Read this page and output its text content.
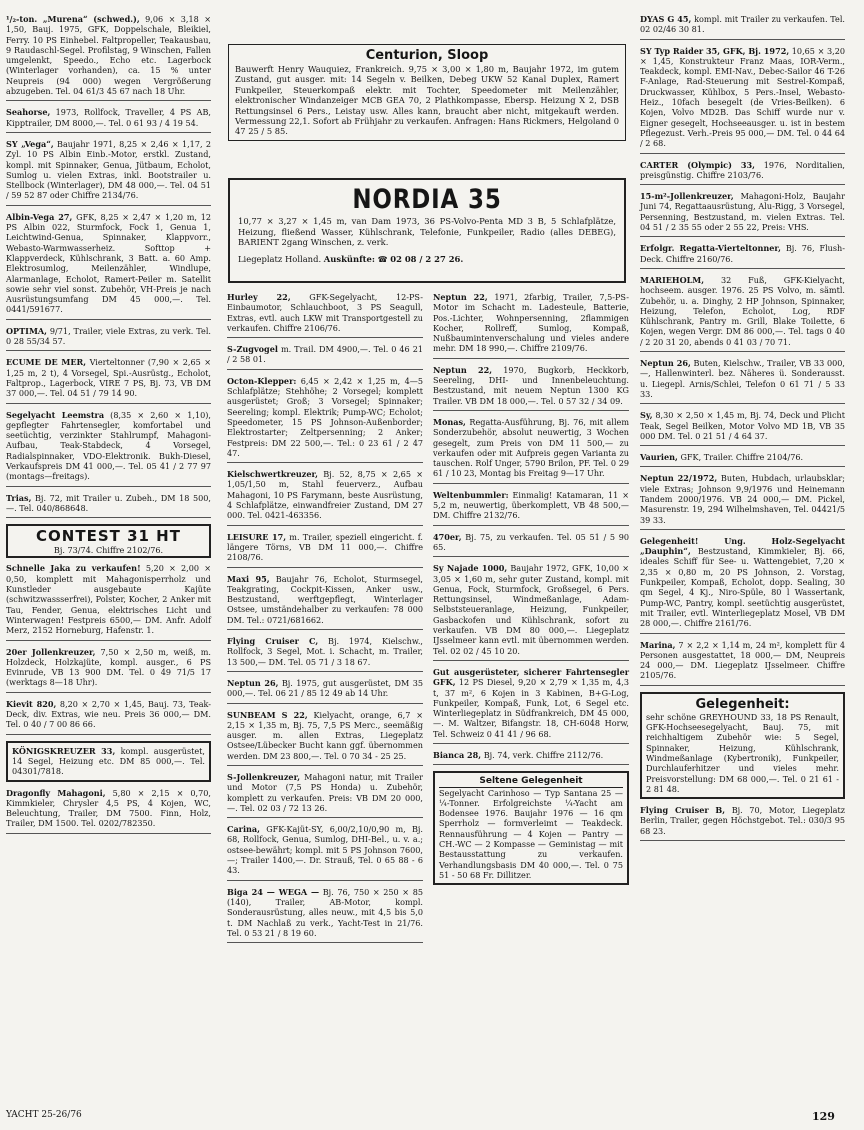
¹/₂-ton. „Murena“ (schwed.), 9,06 × 3,18 × 1,50, Bauj. 1975, GFK, Doppelschale, Bleikiel, Ferry. 10 PS Einhebel. Faltpropeller, Teakausbau, 9 Raudaschl-Segel. Profilstag, 9 Winschen, Fallen umgelenkt, Speedo., Echo etc. Lagerbock (Winterlager vorhanden), ca. 15 % unter Neupreis (94 000) wegen Vergrößerung abzugeben. Tel. 04 61/3 45 67 nach 18 Uhr.
Seahorse, 1973, Rollfock, Traveller, 4 PS AB, Kipptrailer, DM 8000,—. Tel. 0 61 93 / 4 19 54.
SY „Vega“, Baujahr 1971, 8,25 × 2,46 × 1,17, 2 Zyl. 10 PS Albin Einb.-Motor, erstkl. Zustand, kompl. mit Spinnaker, Genua, Jütbaum, Echolot, Sumlog u. vielen Extras, inkl. Bootstrailer u. Stellbock (Winterlager), DM 48 000,—. Tel. 04 51 / 59 52 87 oder Chiffre 2134/76.
Albin-Vega 27, GFK, 8,25 × 2,47 × 1,20 m, 12 PS Albin 022, Sturmfock, Fock 1, Genua 1, Leichtwind-Genua, Spinnaker, Klappvorr., Webasto-Warmwasserheiz. Softtop + Klappverdeck, Kühlschrank, 3 Batt. a. 60 Amp. Elektrosumlog, Meilenzähler, Windlupe, Alarmanlage, Echolot, Ramert-Peiler m. Satellit sowie sehr viel sonst. Zubehör, VH-Preis je nach Ausrüstungsumfang DM 45 000,—. Tel. 0441/591677.
OPTIMA, 9/71, Trailer, viele Extras, zu verk. Tel. 0 28 55/34 57.
ECUME DE MER, Vierteltonner (7,90 × 2,65 × 1,25 m, 2 t), 4 Vorsegel, Spi.-Ausrüstg., Echolot, Faltprop., Lagerbock, VIRE 7 PS, Bj. 73, VB DM 37 000,—. Tel. 04 51 / 79 14 90.
Segelyacht Leemstra (8,35 × 2,60 × 1,10), gepflegter Fahrtensegler, komfortabel und seetüchtig, verzinkter Stahlrumpf, Mahagoni-Aufbau, Teak-Stabdeck, 4 Vorsegel, Radialspinnaker, VDO-Elektronik. Bukh-Diesel, Verkaufspreis DM 41 000,—. Tel. 05 41 / 2 77 97 (montags—freitags).
Trias, Bj. 72, mit Trailer u. Zubeh., DM 18 500,—. Tel. 040/868648.
CONTEST 31 HT
Bj. 73/74. Chiffre 2102/76.
Schnelle Jaka zu verkaufen! 5,20 × 2,00 × 0,50, komplett mit Mahagonisperrholz und Kunstleder ausgebaute Kajüte (schwitzwassserfrei), Polster, Kocher, 2 Anker mit Tau, Fender, Genua, elektrisches Licht und Winterwagen! Festpreis 6500,— DM. Anfr. Adolf Merz, 2152 Horneburg, Hafenstr. 1.
20er Jollenkreuzer, 7,50 × 2,50 m, weiß, m. Holzdeck, Holzkajüte, kompl. ausger., 6 PS Evinrude, VB 13 900 DM. Tel. 0 49 71/5 17 (werktags 8—18 Uhr).
Kievit 820, 8,20 × 2,70 × 1,45, Bauj. 73, Teak-Deck, div. Extras, wie neu. Preis 36 000,— DM. Tel. 0 40 / 7 00 86 66.
KÖNIGSKREUZER 33, kompl. ausgerüstet, 14 Segel, Heizung etc. DM 85 000,—. Tel. 04301/7818.
Dragonfly Mahagoni, 5,80 × 2,15 × 0,70, Kimmkieler, Chrysler 4,5 PS, 4 Kojen, WC, Beleuchtung, Trailer, DM 7500. Finn, Holz, Trailer, DM 1500. Tel. 0202/782350.
Centurion, Sloop
Bauwerft Henry Wauquiez, Frankreich. 9,75 × 3,00 × 1,80 m, Baujahr 1972, im gutem Zustand, gut ausger. mit: 14 Segeln v. Beilken, Debeg UKW 52 Kanal Duplex, Ramert Funkpeiler, Steuerkompaß elektr. mit Tochter, Speedometer mit Meilenzähler, elektronischer Windanzeiger MCB GEA 70, 2 Plathkompasse, Ebersp. Heizung X 2, DSB Rettungsinsel 6 Pers., Leistay usw. Alles kann, braucht aber nicht, mitgekauft werden. Vermessung 22,1. Sofort ab Frühjahr zu verkaufen. Anfragen: Hans Rickmers, Helgoland 0 47 25 / 5 85.
NORDIA 35
10,77 × 3,27 × 1,45 m, van Dam 1973, 36 PS-Volvo-Penta MD 3 B, 5 Schlafplätze, Heizung, fließend Wasser, Kühlschrank, Telefonie, Funkpeiler, Radio (alles DEBEG), BARIENT 2gang Winschen, z. verk.
Liegeplatz Holland. Auskünfte: ☎ 02 08 / 2 27 26.
Hurley 22, GFK-Segelyacht, 12-PS-Einbaumotor, Schlauchboot, 3 PS Seagull, Extras, evtl. auch LKW mit Transportgestell zu verkaufen. Chiffre 2106/76.
S-Zugvogel m. Trail. DM 4900,—. Tel. 0 46 21 / 2 58 01.
Octon-Klepper: 6,45 × 2,42 × 1,25 m, 4—5 Schlafplätze; Stehhöhe; 2 Vorsegel; komplett ausgerüstet; Groß; 3 Vorsegel; Spinnaker; Seereling; kompl. Elektrik; Pump-WC; Echolot; Speedometer, 15 PS Johnson-Außenborder; Elektrostarter; Zeltpersenning; 2 Anker; Festpreis: DM 22 500,—. Tel.: 0 23 61 / 2 47 47.
Kielschwertkreuzer, Bj. 52, 8,75 × 2,65 × 1,05/1,50 m, Stahl feuerverz., Aufbau Mahagoni, 10 PS Farymann, beste Ausrüstung, 4 Schlafplätze, einwandfreier Zustand, DM 27 000. Tel. 0421-463356.
LEISURE 17, m. Trailer, speziell eingericht. f. längere Törns, VB DM 11 000,—. Chiffre 2108/76.
Maxi 95, Baujahr 76, Echolot, Sturmsegel, Teakgrating, Cockpit-Kissen, Anker usw., Bestzustand, werftgepflegt, Winterlager Ostsee, umständehalber zu verkaufen: 78 000 DM. Tel.: 0721/681662.
Flying Cruiser C, Bj. 1974, Kielschw., Rollfock, 3 Segel, Mot. i. Schacht, m. Trailer, 13 500,— DM. Tel. 05 71 / 3 18 67.
Neptun 26, Bj. 1975, gut ausgerüstet, DM 35 000,—. Tel. 06 21 / 85 12 49 ab 14 Uhr.
SUNBEAM S 22, Kielyacht, orange, 6,7 × 2,15 × 1,35 m, Bj. 75, 7,5 PS Merc., seemäßig ausger. m. allen Extras, Liegeplatz Ostsee/Lübecker Bucht kann ggf. übernommen werden. DM 23 800,—. Tel. 0 70 34 - 25 25.
S-Jollenkreuzer, Mahagoni natur, mit Trailer und Motor (7,5 PS Honda) u. Zubehör, komplett zu verkaufen. Preis: VB DM 20 000,—. Tel. 02 03 / 72 13 26.
Carina, GFK-Kajüt-SY, 6,00/2,10/0,90 m, Bj. 68, Rollfock, Genua, Sumlog, DHI-Bel., u. v. a.; ostsee-bewährt; kompl. mit 5 PS Johnson 7600,—; Trailer 1400,—. Dr. Strauß, Tel. 0 65 88 - 6 43.
Biga 24 — WEGA — Bj. 76, 750 × 250 × 85 (140), Trailer, AB-Motor, kompl. Sonderausrüstung, alles neuw., mit 4,5 bis 5,0 t. DM Nachlaß zu verk., Yacht-Test in 21/76. Tel. 0 53 21 / 8 19 60.
Neptun 22, 1971, 2farbig, Trailer, 7,5-PS-Motor im Schacht m. Ladesteule, Batterie, Pos.-Lichter, Wohnpersenning, 2flammigen Kocher, Rollreff, Sumlog, Kompaß, Nußbaumintenverschalung und vieles andere mehr. DM 18 990,—. Chiffre 2109/76.
Neptun 22, 1970, Bugkorb, Heckkorb, Seereling, DHI- und Innenbeleuchtung. Bestzustand, mit neuem Neptun 1300 KG Trailer. VB DM 18 000,—. Tel. 0 57 32 / 34 09.
Monas, Regatta-Ausführung, Bj. 76, mit allem Sonderzubehör, absolut neuwertig, 3 Wochen gesegelt, zum Preis von DM 11 500,— zu verkaufen oder mit Aufpreis gegen Varianta zu tauschen. Rolf Unger, 5790 Brilon, PF. Tel. 0 29 61 / 10 23, Montag bis Freitag 9—17 Uhr.
Weltenbummler: Einmalig! Katamaran, 11 × 5,2 m, neuwertig, überkomplett, VB 48 500,— DM. Chiffre 2132/76.
470er, Bj. 75, zu verkaufen. Tel. 05 51 / 5 90 65.
Sy Najade 1000, Baujahr 1972, GFK, 10,00 × 3,05 × 1,60 m, sehr guter Zustand, kompl. mit Genua, Fock, Sturmfock, Großsegel, 6 Pers. Rettungsinsel, Windmeßanlage, Adam-Selbststeueranlage, Heizung, Funkpeiler, Gasbackofen und Kühlschrank, sofort zu verkaufen. VB DM 80 000,—. Liegeplatz IJsselmeer kann evtl. mit übernommen werden. Tel. 02 02 / 45 10 20.
Gut ausgerüsteter, sicherer Fahrtensegler GFK, 12 PS Diesel, 9,20 × 2,79 × 1,35 m, 4,3 t, 37 m², 6 Kojen in 3 Kabinen, B+G-Log, Funkpeiler, Kompaß, Funk, Lot, 6 Segel etc. Winterliegeplatz in Südfrankreich, DM 45 000,—. M. Waltzer, Bifangstr. 18, CH-6048 Horw, Tel. Schweiz 0 41 41 / 96 68.
Bianca 28, Bj. 74, verk. Chiffre 2112/76.
Seltene Gelegenheit
Segelyacht Carinhoso — Typ Santana 25 — ¼-Tonner. Erfolgreichste ¼-Yacht am Bodensee 1976. Baujahr 1976 — 16 qm Sperrholz — formverleimt — Teakdeck. Rennausführung — 4 Kojen — Pantry — CH.-WC — 2 Kompasse — Geministag — mit Bestausstattung zu verkaufen. Verhandlungsbasis DM 40 000,—. Tel. 0 75 51 - 50 68 Fr. Dillitzer.
DYAS G 45, kompl. mit Trailer zu verkaufen. Tel. 02 02/46 30 81.
SY Typ Raider 35, GFK, Bj. 1972, 10,65 × 3,20 × 1,45, Konstrukteur Franz Maas, IOR-Verm., Teakdeck, kompl. EMI-Nav., Debec-Sailor 46 T-26 F-Anlage, Rad-Steuerung mit Sestrel-Kompaß, Druckwasser, Kühlbox, 5 Pers.-Insel, Webasto-Heiz., 10fach besegelt (de Vries-Beilken). 6 Kojen, Volvo MD2B. Das Schiff wurde nur v. Eigner gesegelt, Hochseeausger. u. ist in bestem Pflegezust. Verh.-Preis 95 000,— DM. Tel. 0 44 64 / 2 68.
CARTER (Olympic) 33, 1976, Norditalien, preisgünstig. Chiffre 2103/76.
15-m²-Jollenkreuzer, Mahagoni-Holz, Baujahr Juni 74, Regattaausrüstung, Alu-Rigg, 3 Vorsegel, Persenning, Bestzustand, m. vielen Extras. Tel. 04 51 / 2 35 55 oder 2 55 22, Preis: VHS.
Erfolgr. Regatta-Vierteltonner, Bj. 76, Flush-Deck. Chiffre 2160/76.
MARIEHOLM, 32 Fuß, GFK-Kielyacht, hochseem. ausger. 1976. 25 PS Volvo, m. sämtl. Zubehör, u. a. Dinghy, 2 HP Johnson, Spinnaker, Heizung, Telefon, Echolot, Log, RDF Kühlschrank, Pantry m. Grill, Blake Toilette, 6 Kojen, wegen Vergr. DM 86 000,—. Tel. tags 0 40 / 2 20 31 20, abends 0 41 03 / 70 71.
Neptun 26, Buten, Kielschw., Trailer, VB 33 000,—, Hallenwinterl. bez. Näheres ü. Sonderausst. u. Liegepl. Arnis/Schlei, Telefon 0 61 71 / 5 33 33.
Sy, 8,30 × 2,50 × 1,45 m, Bj. 74, Deck und Plicht Teak, Segel Beilken, Motor Volvo MD 1B, VB 35 000 DM. Tel. 0 21 51 / 4 64 37.
Vaurien, GFK, Trailer. Chiffre 2104/76.
Neptun 22/1972, Buten, Hubdach, urlaubsklar; viele Extras; Johnson 9,9/1976 und Heinemann Tandem 2000/1976. VB 24 000,— DM. Pickel, Masurenstr. 19, 294 Wilhelmshaven, Tel. 04421/5 39 33.
Gelegenheit! Ung. Holz-Segelyacht „Dauphin“, Bestzustand, Kimmkieler, Bj. 66, ideales Schiff für See- u. Wattengebiet, 7,20 × 2,35 × 0,80 m, 20 PS Johnson, 2. Vorstag, Funkpeiler, Kompaß, Echolot, dopp. Sealing, 30 qm Segel, 4 Kj., Niro-Spüle, 80 l Wassertank, Pump-WC, Pantry, kompl. seetüchtig ausgerüstet, mit Trailer, evtl. Winterliegeplatz Mosel, VB DM 28 000,—. Chiffre 2161/76.
Marina, 7 × 2,2 × 1,14 m, 24 m², komplett für 4 Personen ausgestattet, 18 000,— DM, Neupreis 24 000,— DM. Liegeplatz IJsselmeer. Chiffre 2105/76.
Gelegenheit:
sehr schöne GREYHOUND 33, 18 PS Renault, GFK-Hochseesegelyacht, Bauj. 75, mit reichhaltigem Zubehör wie: 5 Segel, Spinnaker, Heizung, Kühlschrank, Windmeßanlage (Kybertronik), Funkpeiler, Durchlauferhitzer und vieles mehr. Preisvorstellung: DM 68 000,—. Tel. 0 21 61 - 2 81 48.
Flying Cruiser B, Bj. 70, Motor, Liegeplatz Berlin, Trailer, gegen Höchstgebot. Tel.: 030/3 95 68 23.
YACHT 25-26/76	129
